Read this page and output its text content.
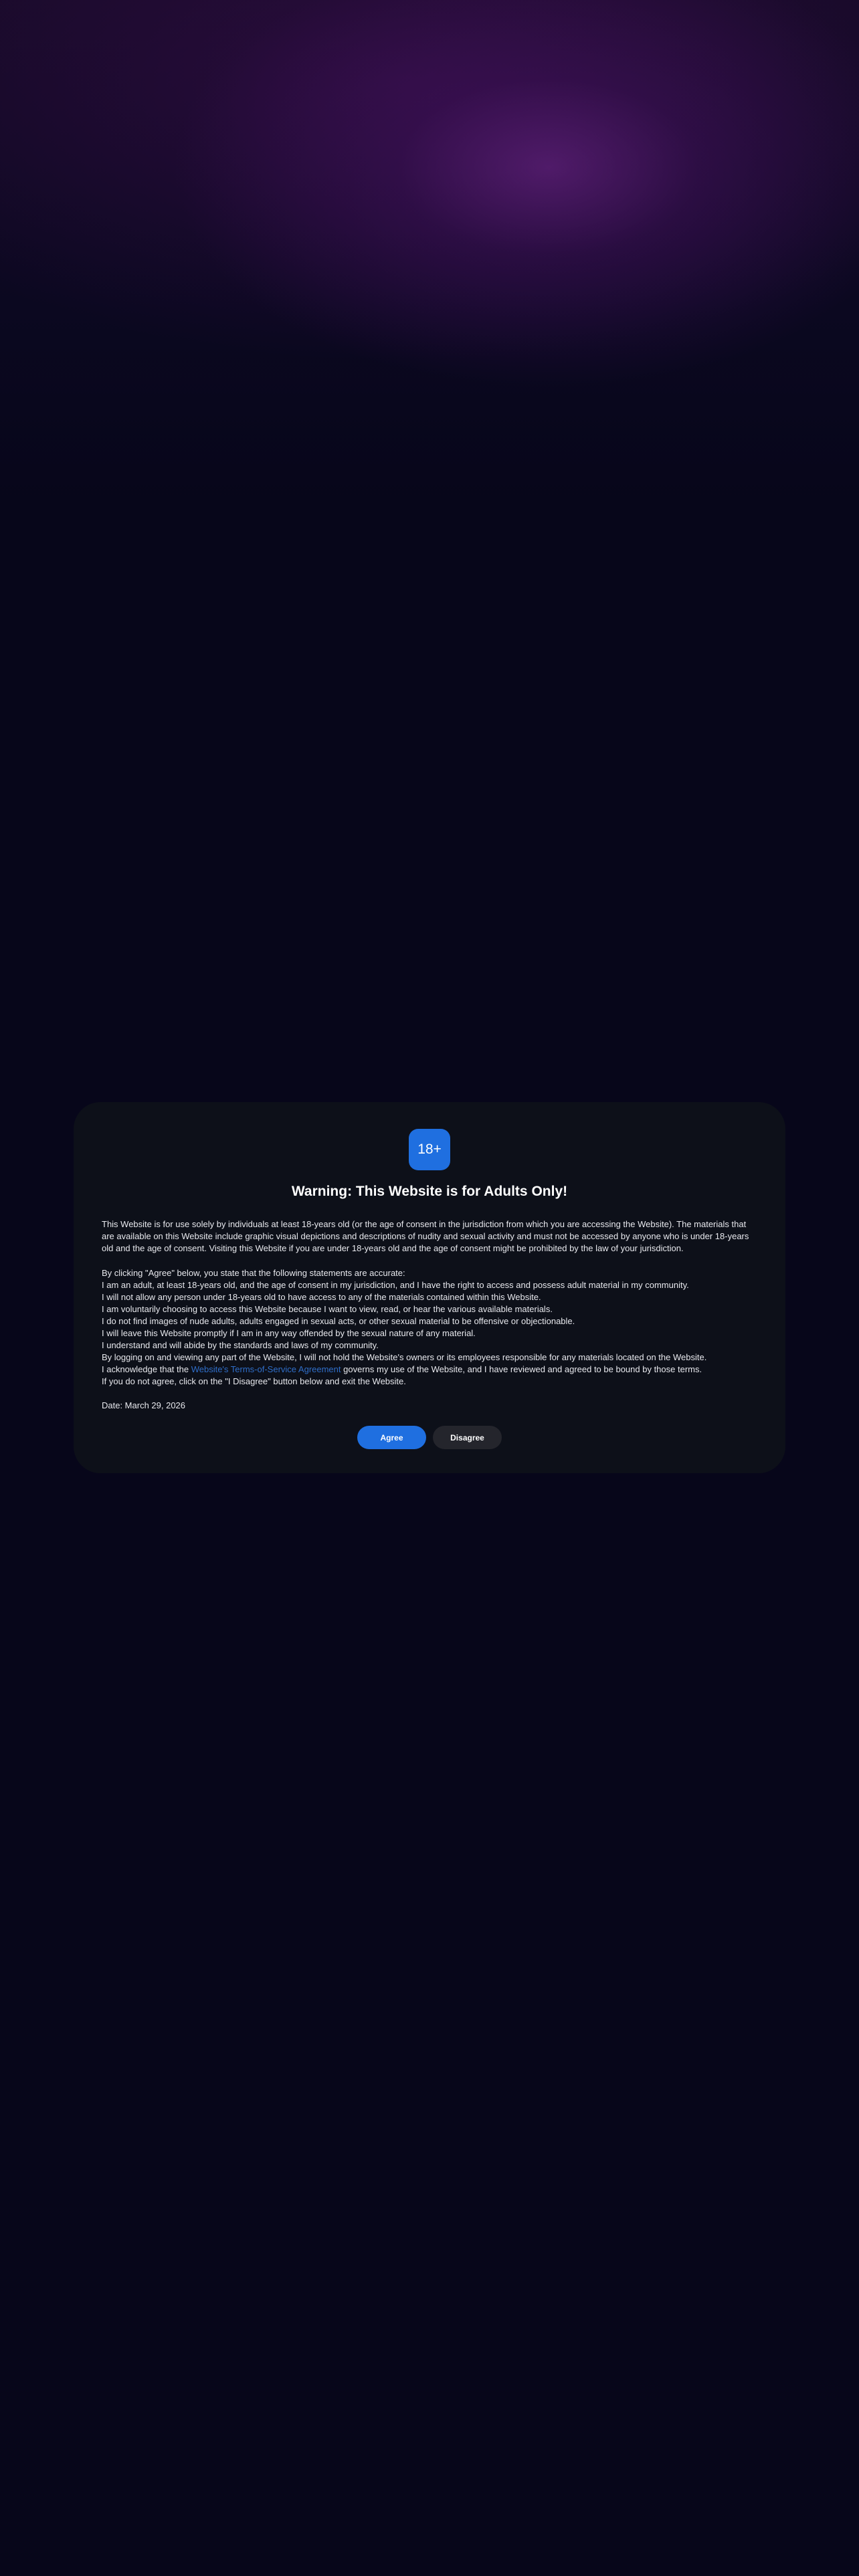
18+
Warning: This Website is for Adults Only!

This Website is for use solely by individuals at least 18-years old (or the age of consent in the jurisdiction from which you are accessing the Website). The materials that are available on this Website include graphic visual depictions and descriptions of nudity and sexual activity and must not be accessed by anyone who is under 18-years old and the age of consent. Visiting this Website if you are under 18-years old and the age of consent might be prohibited by the law of your jurisdiction.

By clicking "Agree" below, you state that the following statements are accurate:

I am an adult, at least 18-years old, and the age of consent in my jurisdiction, and I have the right to access and possess adult material in my community.

I will not allow any person under 18-years old to have access to any of the materials contained within this Website.

I am voluntarily choosing to access this Website because I want to view, read, or hear the various available materials.

I do not find images of nude adults, adults engaged in sexual acts, or other sexual material to be offensive or objectionable.

I will leave this Website promptly if I am in any way offended by the sexual nature of any material.

I understand and will abide by the standards and laws of my community.

By logging on and viewing any part of the Website, I will not hold the Website's owners or its employees responsible for any materials located on the Website.

I acknowledge that the Website's Terms-of-Service Agreement governs my use of the Website, and I have reviewed and agreed to be bound by those terms.

If you do not agree, click on the "I Disagree" button below and exit the Website.

Date: March 29, 2026

Agree	Disagree
